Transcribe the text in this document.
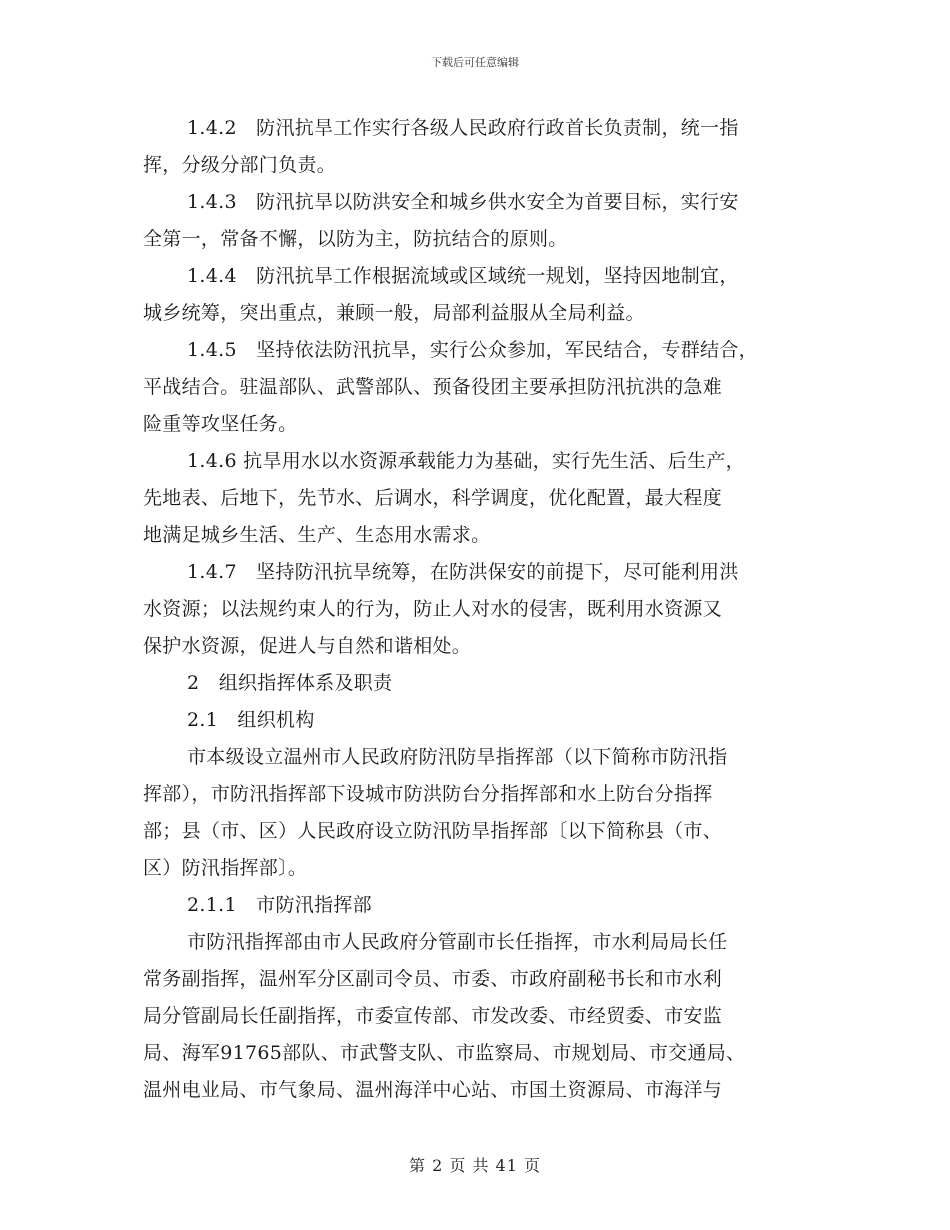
下载后可任意编辑
1.4.2　防汛抗旱工作实行各级人民政府行政首长负责制，统一指
挥，分级分部门负责。
1.4.3　防汛抗旱以防洪安全和城乡供水安全为首要目标，实行安
全第一，常备不懈，以防为主，防抗结合的原则。
1.4.4　防汛抗旱工作根据流域或区域统一规划，坚持因地制宜，
城乡统筹，突出重点，兼顾一般，局部利益服从全局利益。
1.4.5　坚持依法防汛抗旱，实行公众参加，军民结合，专群结合，
平战结合。驻温部队、武警部队、预备役团主要承担防汛抗洪的急难
险重等攻坚任务。
1.4.6 抗旱用水以水资源承载能力为基础，实行先生活、后生产，
先地表、后地下，先节水、后调水，科学调度，优化配置，最大程度
地满足城乡生活、生产、生态用水需求。
1.4.7　坚持防汛抗旱统筹，在防洪保安的前提下，尽可能利用洪
水资源；以法规约束人的行为，防止人对水的侵害，既利用水资源又
保护水资源，促进人与自然和谐相处。
2　组织指挥体系及职责
2.1　组织机构
市本级设立温州市人民政府防汛防旱指挥部（以下简称市防汛指
挥部），市防汛指挥部下设城市防洪防台分指挥部和水上防台分指挥
部；县（市、区）人民政府设立防汛防旱指挥部〔以下简称县（市、
区）防汛指挥部〕。
2.1.1　市防汛指挥部
市防汛指挥部由市人民政府分管副市长任指挥，市水利局局长任
常务副指挥，温州军分区副司令员、市委、市政府副秘书长和市水利
局分管副局长任副指挥，市委宣传部、市发改委、市经贸委、市安监
局、海军91765部队、市武警支队、市监察局、市规划局、市交通局、
温州电业局、市气象局、温州海洋中心站、市国土资源局、市海洋与
第 2 页 共 41 页
